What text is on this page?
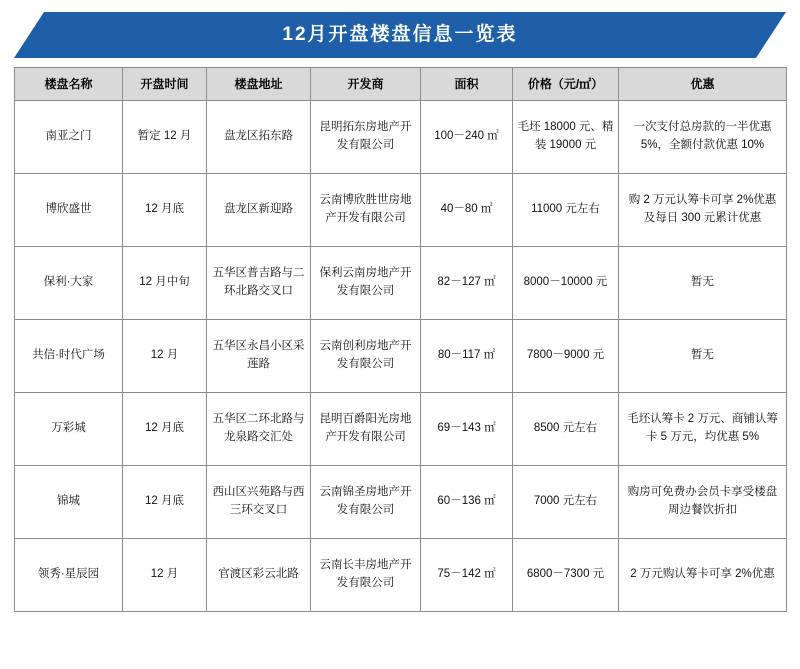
12月开盘楼盘信息一览表
楼盘名称	开盘时间	楼盘地址	开发商	面积	价格（元/㎡）	优惠
南亚之门	暂定 12 月	盘龙区拓东路	昆明拓东房地产开发有限公司	100－240 ㎡	毛坯 18000 元、精装 19000 元	一次支付总房款的一半优惠 5%，全额付款优惠 10%
博欣盛世	12 月底	盘龙区新迎路	云南博欣胜世房地产开发有限公司	40－80 ㎡	11000 元左右	购 2 万元认筹卡可享 2%优惠及每日 300 元累计优惠
保利·大家	12 月中旬	五华区普吉路与二环北路交叉口	保利云南房地产开发有限公司	82－127 ㎡	8000－10000 元	暂无
共信·时代广场	12 月	五华区永昌小区采莲路	云南创利房地产开发有限公司	80－117 ㎡	7800－9000 元	暂无
万彩城	12 月底	五华区二环北路与龙泉路交汇处	昆明百爵阳光房地产开发有限公司	69－143 ㎡	8500 元左右	毛坯认筹卡 2 万元、商铺认筹卡 5 万元，均优惠 5%
锦城	12 月底	西山区兴苑路与西三环交叉口	云南锦圣房地产开发有限公司	60－136 ㎡	7000 元左右	购房可免费办会员卡享受楼盘周边餐饮折扣
领秀·星辰园	12 月	官渡区彩云北路	云南长丰房地产开发有限公司	75－142 ㎡	6800－7300 元	2 万元购认筹卡可享 2%优惠
